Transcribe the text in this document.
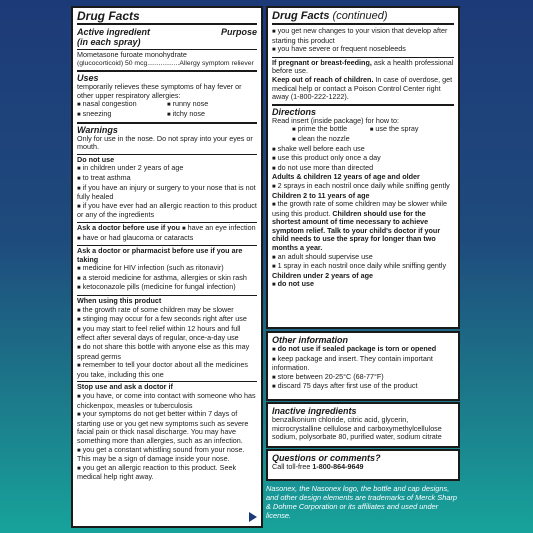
Drug Facts
Active ingredient	Purpose
(in each spray)
Mometasone furoate monohydrate
(glucocorticoid) 50 mcg.................Allergy symptom reliever
Uses
temporarily relieves these symptoms of hay fever or other upper respiratory allergies:
■ nasal congestion	■ runny nose
■ sneezing	■ itchy nose
Warnings
Only for use in the nose. Do not spray into your eyes or mouth.
Do not use
■ in children under 2 years of age
■ to treat asthma
■ if you have an injury or surgery to your nose that is not fully healed
■ if you have ever had an allergic reaction to this product or any of the ingredients
Ask a doctor before use if you ■ have an eye infection
■ have or had glaucoma or cataracts
Ask a doctor or pharmacist before use if you are taking
■ medicine for HIV infection (such as ritonavir)
■ a steroid medicine for asthma, allergies or skin rash
■ ketoconazole pills (medicine for fungal infection)
When using this product
■ the growth rate of some children may be slower
■ stinging may occur for a few seconds right after use
■ you may start to feel relief within 12 hours and full effect after several days of regular, once-a-day use
■ do not share this bottle with anyone else as this may spread germs
■ remember to tell your doctor about all the medicines you take, including this one
Stop use and ask a doctor if
■ you have, or come into contact with someone who has chickenpox, measles or tuberculosis
■ your symptoms do not get better within 7 days of starting use or you get new symptoms such as severe facial pain or thick nasal discharge. You may have something more than allergies, such as an infection.
■ you get a constant whistling sound from your nose. This may be a sign of damage inside your nose.
■ you get an allergic reaction to this product. Seek medical help right away.
Drug Facts
(continued)
■ you get new changes to your vision that develop after starting this product
■ you have severe or frequent nosebleeds
If pregnant or breast-feeding, ask a health professional before use.
Keep out of reach of children. In case of overdose, get medical help or contact a Poison Control Center right away (1-800-222-1222).
Directions
Read insert (inside package) for how to:
■ prime the bottle	■ use the spray
■ clean the nozzle
■ shake well before each use
■ use this product only once a day
■ do not use more than directed
Adults & children 12 years of age and older
■ 2 sprays in each nostril once daily while sniffing gently
Children 2 to 11 years of age
■ the growth rate of some children may be slower while using this product. Children should use for the shortest amount of time necessary to achieve symptom relief. Talk to your child's doctor if your child needs to use the spray for longer than two months a year.
■ an adult should supervise use
■ 1 spray in each nostril once daily while sniffing gently
Children under 2 years of age
■ do not use
Other information
■ do not use if sealed package is torn or opened
■ keep package and insert. They contain important information.
■ store between 20-25°C (68-77°F)
■ discard 75 days after first use of the product
Inactive ingredients
benzalkonium chloride, citric acid, glycerin, microcrystalline cellulose and carboxymethylcellulose sodium, polysorbate 80, purified water, sodium citrate
Questions or comments?
Call toll-free 1-800-864-9649
Nasonex, the Nasonex logo, the bottle and cap designs, and other design elements are trademarks of Merck Sharp & Dohme Corporation or its affiliates and used under license.
